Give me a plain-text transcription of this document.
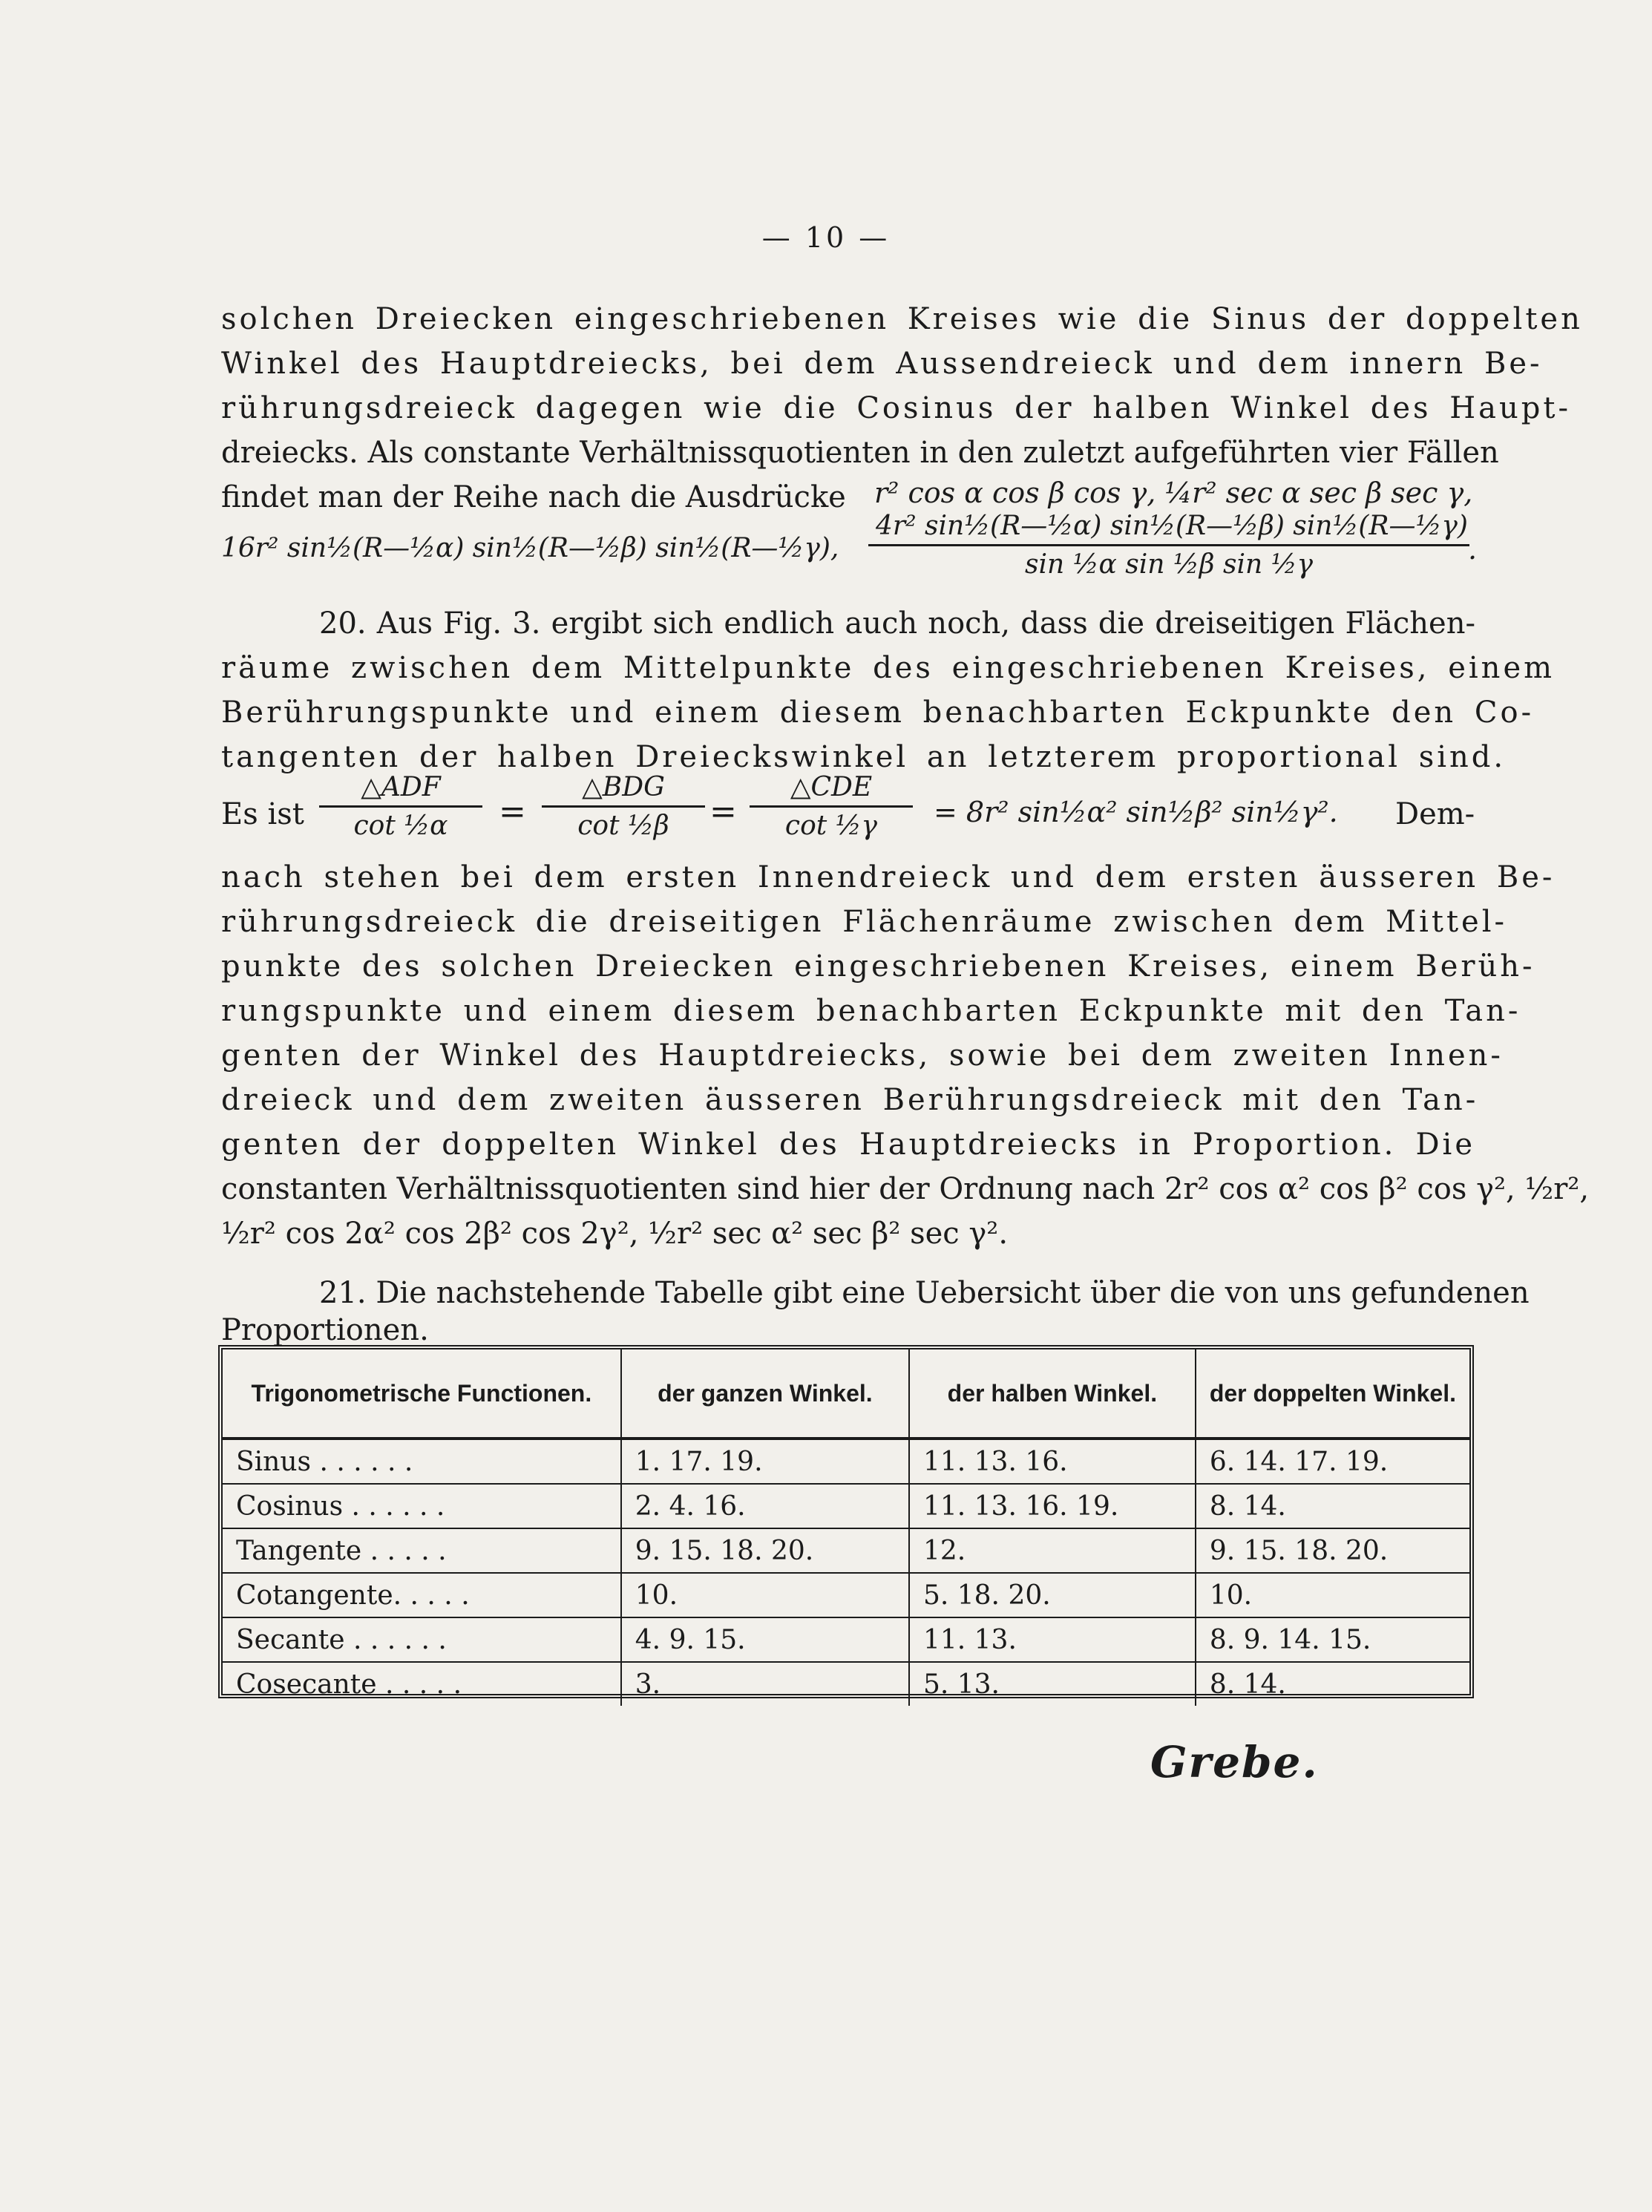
— 10 —
solchen Dreiecken eingeschriebenen Kreises wie die Sinus der doppelten
Winkel des Hauptdreiecks, bei dem Aussendreieck und dem innern Be-
rührungsdreieck dagegen wie die Cosinus der halben Winkel des Haupt-
dreiecks. Als constante Verhältnissquotienten in den zuletzt aufgeführten vier Fällen
findet man der Reihe nach die Ausdrücke r² cos α cos β cos γ, ¼r² sec α sec β sec γ,
16r² sin½(R—½α) sin½(R—½β) sin½(R—½γ), $\frac{\text{4r² sin½(R—½α) sin½(R—½β) sin½(R—½γ)}}{\text{sin ½α sin ½β sin ½γ}}$
.
20. Aus Fig. 3. ergibt sich endlich auch noch, dass die dreiseitigen Flächen-
räume zwischen dem Mittelpunkte des eingeschriebenen Kreises, einem
Berührungspunkte und einem diesem benachbarten Eckpunkte den Co-
tangenten der halben Dreieckswinkel an letzterem proportional sind.
Es ist
△ADF
cot ½α	=
△BDG
cot ½β	=
△CDE
cot ½γ	= 8r² sin½α² sin½β² sin½γ². Dem-
nach stehen bei dem ersten Innendreieck und dem ersten äusseren Be-
rührungsdreieck die dreiseitigen Flächenräume zwischen dem Mittel-
punkte des solchen Dreiecken eingeschriebenen Kreises, einem Berüh-
rungspunkte und einem diesem benachbarten Eckpunkte mit den Tan-
genten der Winkel des Hauptdreiecks, sowie bei dem zweiten Innen-
dreieck und dem zweiten äusseren Berührungsdreieck mit den Tan-
genten der doppelten Winkel des Hauptdreiecks in Proportion. Die
constanten Verhältnissquotienten sind hier der Ordnung nach 2r² cos α² cos β² cos γ², ½r²,
½r² cos 2α² cos 2β² cos 2γ², ½r² sec α² sec β² sec γ².
21. Die nachstehende Tabelle gibt eine Uebersicht über die von uns gefundenen
Proportionen.
Trigonometrische Functionen.	der ganzen Winkel.	der halben Winkel.	der doppelten Winkel.
Sinus . . . . . .	1. 17. 19.	11. 13. 16.	6. 14. 17. 19.
Cosinus . . . . . .	2. 4. 16.	11. 13. 16. 19.	8. 14.
Tangente . . . . .	9. 15. 18. 20.	12.	9. 15. 18. 20.
Cotangente. . . . .	10.	5. 18. 20.	10.
Secante . . . . . .	4. 9. 15.	11. 13.	8. 9. 14. 15.
Cosecante . . . . .	3.	5. 13.	8. 14.
Grebe.
